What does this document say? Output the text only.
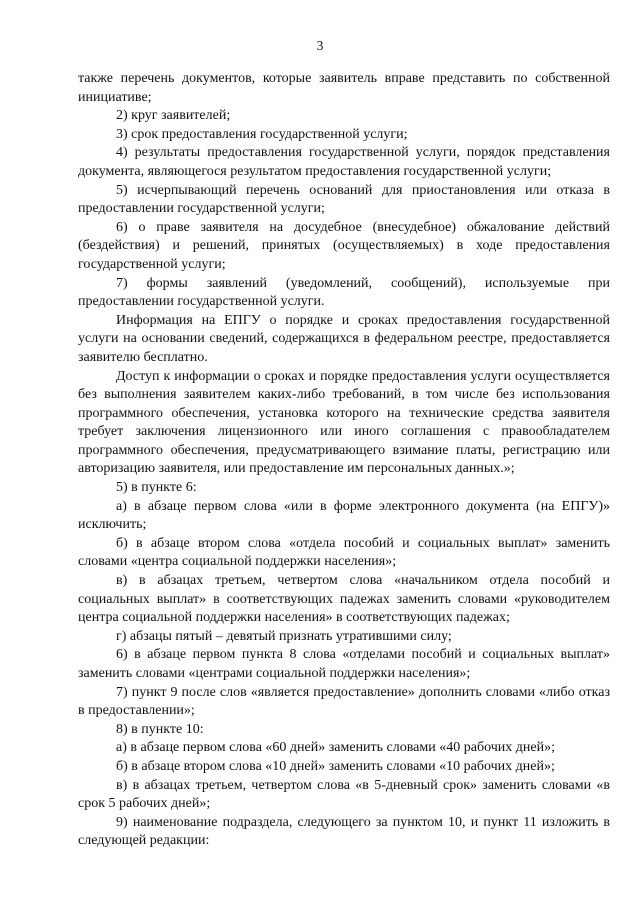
3

также перечень документов, которые заявитель вправе представить по собственной инициативе;

2) круг заявителей;

3) срок предоставления государственной услуги;

4) результаты предоставления государственной услуги, порядок представления документа, являющегося результатом предоставления государственной услуги;

5) исчерпывающий перечень оснований для приостановления или отказа в предоставлении государственной услуги;

6) о праве заявителя на досудебное (внесудебное) обжалование действий (бездействия) и решений, принятых (осуществляемых) в ходе предоставления государственной услуги;

7) формы заявлений (уведомлений, сообщений), используемые при предоставлении государственной услуги.

Информация на ЕПГУ о порядке и сроках предоставления государственной услуги на основании сведений, содержащихся в федеральном реестре, предоставляется заявителю бесплатно.

Доступ к информации о сроках и порядке предоставления услуги осуществляется без выполнения заявителем каких-либо требований, в том числе без использования программного обеспечения, установка которого на технические средства заявителя требует заключения лицензионного или иного соглашения с правообладателем программного обеспечения, предусматривающего взимание платы, регистрацию или авторизацию заявителя, или предоставление им персональных данных.»;

5) в пункте 6:

а) в абзаце первом слова «или в форме электронного документа (на ЕПГУ)» исключить;

б) в абзаце втором слова «отдела пособий и социальных выплат» заменить словами «центра социальной поддержки населения»;

в) в абзацах третьем, четвертом слова «начальником отдела пособий и социальных выплат» в соответствующих падежах заменить словами «руководителем центра социальной поддержки населения» в соответствующих падежах;

г) абзацы пятый – девятый признать утратившими силу;

6) в абзаце первом пункта 8 слова «отделами пособий и социальных выплат» заменить словами «центрами социальной поддержки населения»;

7) пункт 9 после слов «является предоставление» дополнить словами «либо отказ в предоставлении»;

8) в пункте 10:

а) в абзаце первом слова «60 дней» заменить словами «40 рабочих дней»;

б) в абзаце втором слова «10 дней» заменить словами «10 рабочих дней»;

в) в абзацах третьем, четвертом слова «в 5-дневный срок» заменить словами «в срок 5 рабочих дней»;

9) наименование подраздела, следующего за пунктом 10, и пункт 11 изложить в следующей редакции:
